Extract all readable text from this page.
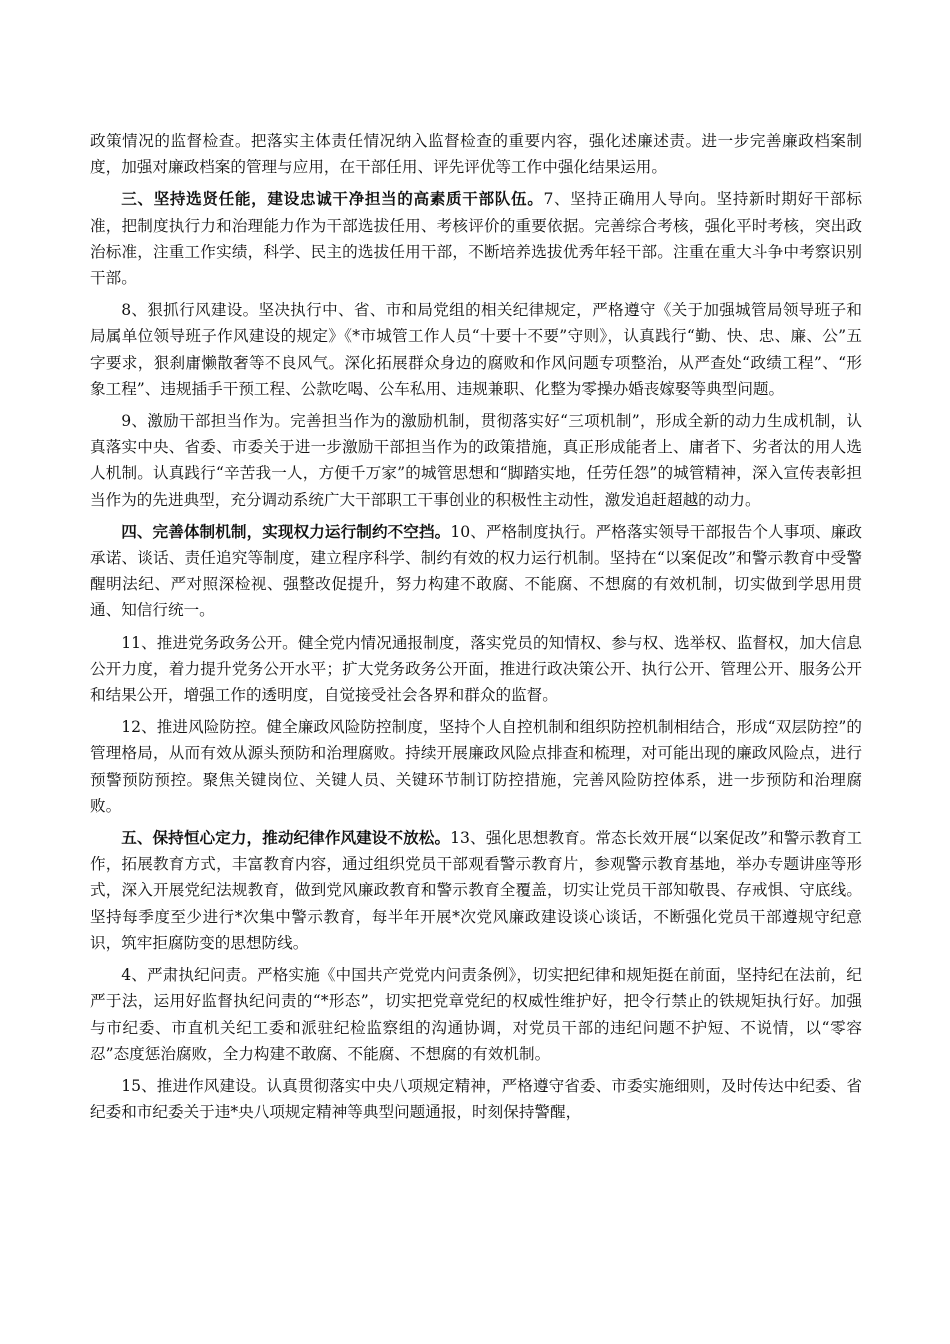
政策情况的监督检查。把落实主体责任情况纳入监督检查的重要内容，强化述廉述责。进一步完善廉政档案制度，加强对廉政档案的管理与应用，在干部任用、评先评优等工作中强化结果运用。

三、坚持选贤任能，建设忠诚干净担当的高素质干部队伍。7、坚持正确用人导向。坚持新时期好干部标准，把制度执行力和治理能力作为干部选拔任用、考核评价的重要依据。完善综合考核，强化平时考核，突出政治标准，注重工作实绩，科学、民主的选拔任用干部，不断培养选拔优秀年轻干部。注重在重大斗争中考察识别干部。

8、狠抓行风建设。坚决执行中、省、市和局党组的相关纪律规定，严格遵守《关于加强城管局领导班子和局属单位领导班子作风建设的规定》《*市城管工作人员“十要十不要”守则》，认真践行“勤、快、忠、廉、公”五字要求，狠刹庸懒散奢等不良风气。深化拓展群众身边的腐败和作风问题专项整治，从严查处“政绩工程”、“形象工程”、违规插手干预工程、公款吃喝、公车私用、违规兼职、化整为零操办婚丧嫁娶等典型问题。

9、激励干部担当作为。完善担当作为的激励机制，贯彻落实好“三项机制”，形成全新的动力生成机制，认真落实中央、省委、市委关于进一步激励干部担当作为的政策措施，真正形成能者上、庸者下、劣者汰的用人选人机制。认真践行“辛苦我一人，方便千万家”的城管思想和“脚踏实地，任劳任怨”的城管精神，深入宣传表彰担当作为的先进典型，充分调动系统广大干部职工干事创业的积极性主动性，激发追赶超越的动力。

四、完善体制机制，实现权力运行制约不空挡。10、严格制度执行。严格落实领导干部报告个人事项、廉政承诺、谈话、责任追究等制度，建立程序科学、制约有效的权力运行机制。坚持在“以案促改”和警示教育中受警醒明法纪、严对照深检视、强整改促提升，努力构建不敢腐、不能腐、不想腐的有效机制，切实做到学思用贯通、知信行统一。

11、推进党务政务公开。健全党内情况通报制度，落实党员的知情权、参与权、选举权、监督权，加大信息公开力度，着力提升党务公开水平；扩大党务政务公开面，推进行政决策公开、执行公开、管理公开、服务公开和结果公开，增强工作的透明度，自觉接受社会各界和群众的监督。

12、推进风险防控。健全廉政风险防控制度，坚持个人自控机制和组织防控机制相结合，形成“双层防控”的管理格局，从而有效从源头预防和治理腐败。持续开展廉政风险点排查和梳理，对可能出现的廉政风险点，进行预警预防预控。聚焦关键岗位、关键人员、关键环节制订防控措施，完善风险防控体系，进一步预防和治理腐败。

五、保持恒心定力，推动纪律作风建设不放松。13、强化思想教育。常态长效开展“以案促改”和警示教育工作，拓展教育方式，丰富教育内容，通过组织党员干部观看警示教育片，参观警示教育基地，举办专题讲座等形式，深入开展党纪法规教育，做到党风廉政教育和警示教育全覆盖，切实让党员干部知敬畏、存戒惧、守底线。坚持每季度至少进行*次集中警示教育，每半年开展*次党风廉政建设谈心谈话，不断强化党员干部遵规守纪意识，筑牢拒腐防变的思想防线。

4、严肃执纪问责。严格实施《中国共产党党内问责条例》，切实把纪律和规矩挺在前面，坚持纪在法前，纪严于法，运用好监督执纪问责的“*形态”，切实把党章党纪的权威性维护好，把令行禁止的铁规矩执行好。加强与市纪委、市直机关纪工委和派驻纪检监察组的沟通协调，对党员干部的违纪问题不护短、不说情，以“零容忍”态度惩治腐败，全力构建不敢腐、不能腐、不想腐的有效机制。

15、推进作风建设。认真贯彻落实中央八项规定精神，严格遵守省委、市委实施细则，及时传达中纪委、省纪委和市纪委关于违*央八项规定精神等典型问题通报，时刻保持警醒，
